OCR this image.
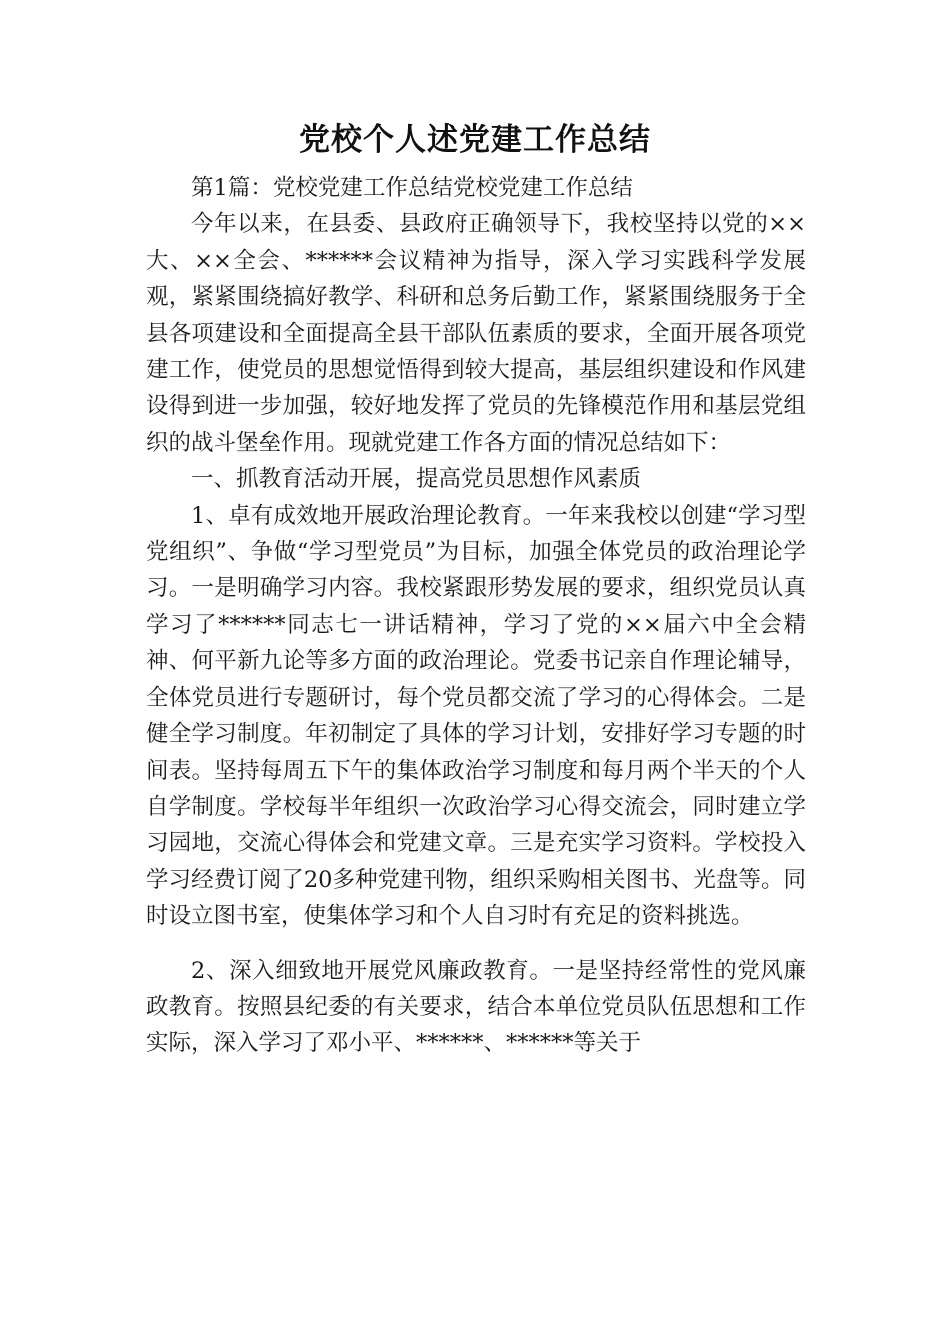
党校个人述党建工作总结

第1篇：党校党建工作总结党校党建工作总结

今年以来，在县委、县政府正确领导下，我校坚持以党的××大、××全会、******会议精神为指导，深入学习实践科学发展观，紧紧围绕搞好教学、科研和总务后勤工作，紧紧围绕服务于全县各项建设和全面提高全县干部队伍素质的要求，全面开展各项党建工作，使党员的思想觉悟得到较大提高，基层组织建设和作风建设得到进一步加强，较好地发挥了党员的先锋模范作用和基层党组织的战斗堡垒作用。现就党建工作各方面的情况总结如下：

一、抓教育活动开展，提高党员思想作风素质

1、卓有成效地开展政治理论教育。一年来我校以创建“学习型党组织”、争做“学习型党员”为目标，加强全体党员的政治理论学习。一是明确学习内容。我校紧跟形势发展的要求，组织党员认真学习了******同志七一讲话精神，学习了党的××届六中全会精神、何平新九论等多方面的政治理论。党委书记亲自作理论辅导，全体党员进行专题研讨，每个党员都交流了学习的心得体会。二是健全学习制度。年初制定了具体的学习计划，安排好学习专题的时间表。坚持每周五下午的集体政治学习制度和每月两个半天的个人自学制度。学校每半年组织一次政治学习心得交流会，同时建立学习园地，交流心得体会和党建文章。三是充实学习资料。学校投入学习经费订阅了20多种党建刊物，组织采购相关图书、光盘等。同时设立图书室，使集体学习和个人自习时有充足的资料挑选。

2、深入细致地开展党风廉政教育。一是坚持经常性的党风廉政教育。按照县纪委的有关要求，结合本单位党员队伍思想和工作实际，深入学习了邓小平、******、******等关于
